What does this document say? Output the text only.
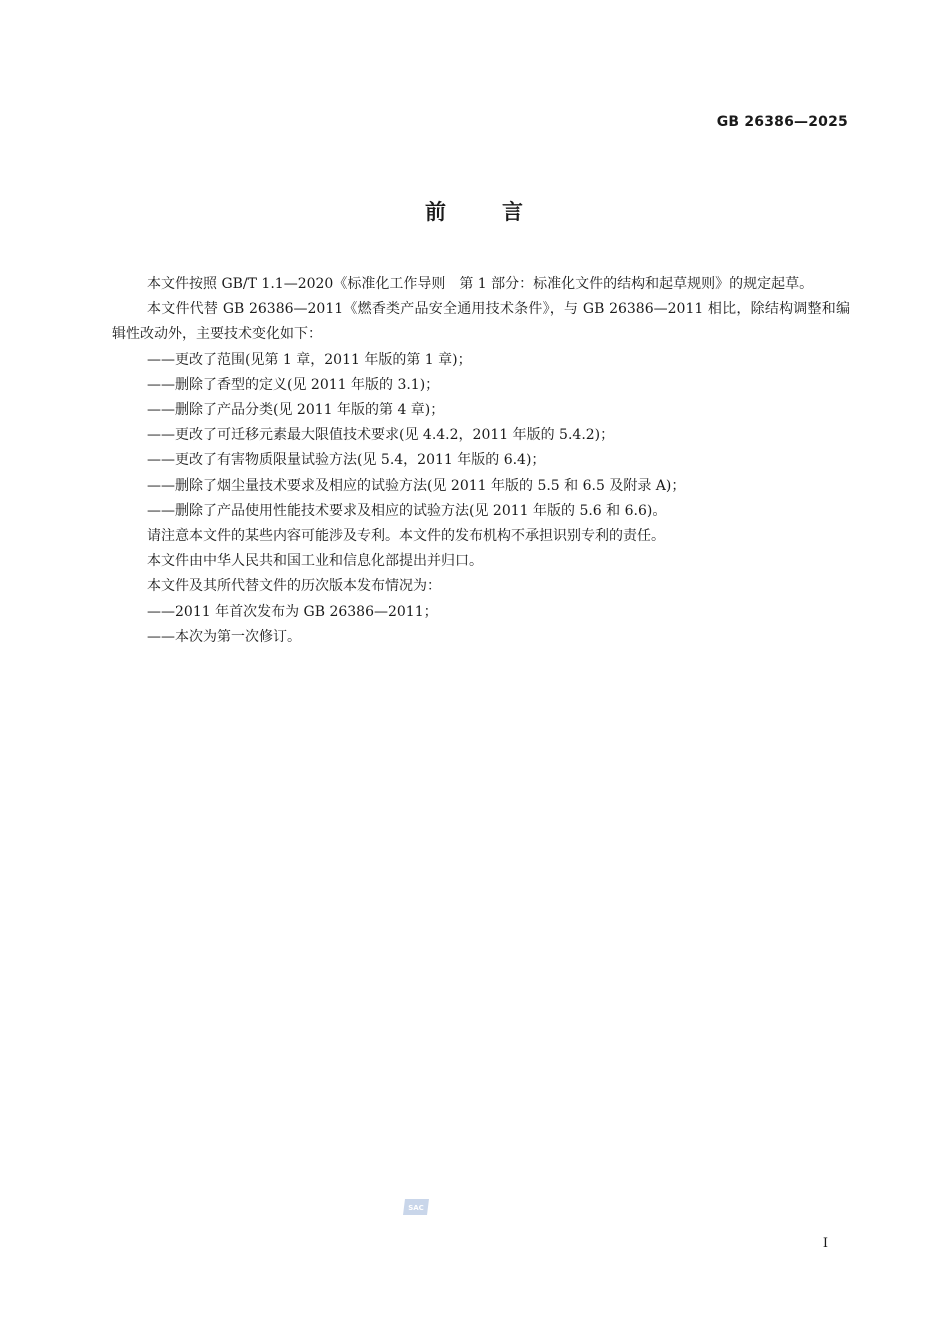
GB 26386—2025
前	言

本文件按照 GB/T 1.1—2020《标准化工作导则　第 1 部分：标准化文件的结构和起草规则》的规定起草。

本文件代替 GB 26386—2011《燃香类产品安全通用技术条件》，与 GB 26386—2011 相比，除结构调整和编辑性改动外，主要技术变化如下：

——更改了范围(见第 1 章，2011 年版的第 1 章)；

——删除了香型的定义(见 2011 年版的 3.1)；

——删除了产品分类(见 2011 年版的第 4 章)；

——更改了可迁移元素最大限值技术要求(见 4.4.2，2011 年版的 5.4.2)；

——更改了有害物质限量试验方法(见 5.4，2011 年版的 6.4)；

——删除了烟尘量技术要求及相应的试验方法(见 2011 年版的 5.5 和 6.5 及附录 A)；

——删除了产品使用性能技术要求及相应的试验方法(见 2011 年版的 5.6 和 6.6)。

请注意本文件的某些内容可能涉及专利。本文件的发布机构不承担识别专利的责任。

本文件由中华人民共和国工业和信息化部提出并归口。

本文件及其所代替文件的历次版本发布情况为：

——2011 年首次发布为 GB 26386—2011；

——本次为第一次修订。

SAC
I
